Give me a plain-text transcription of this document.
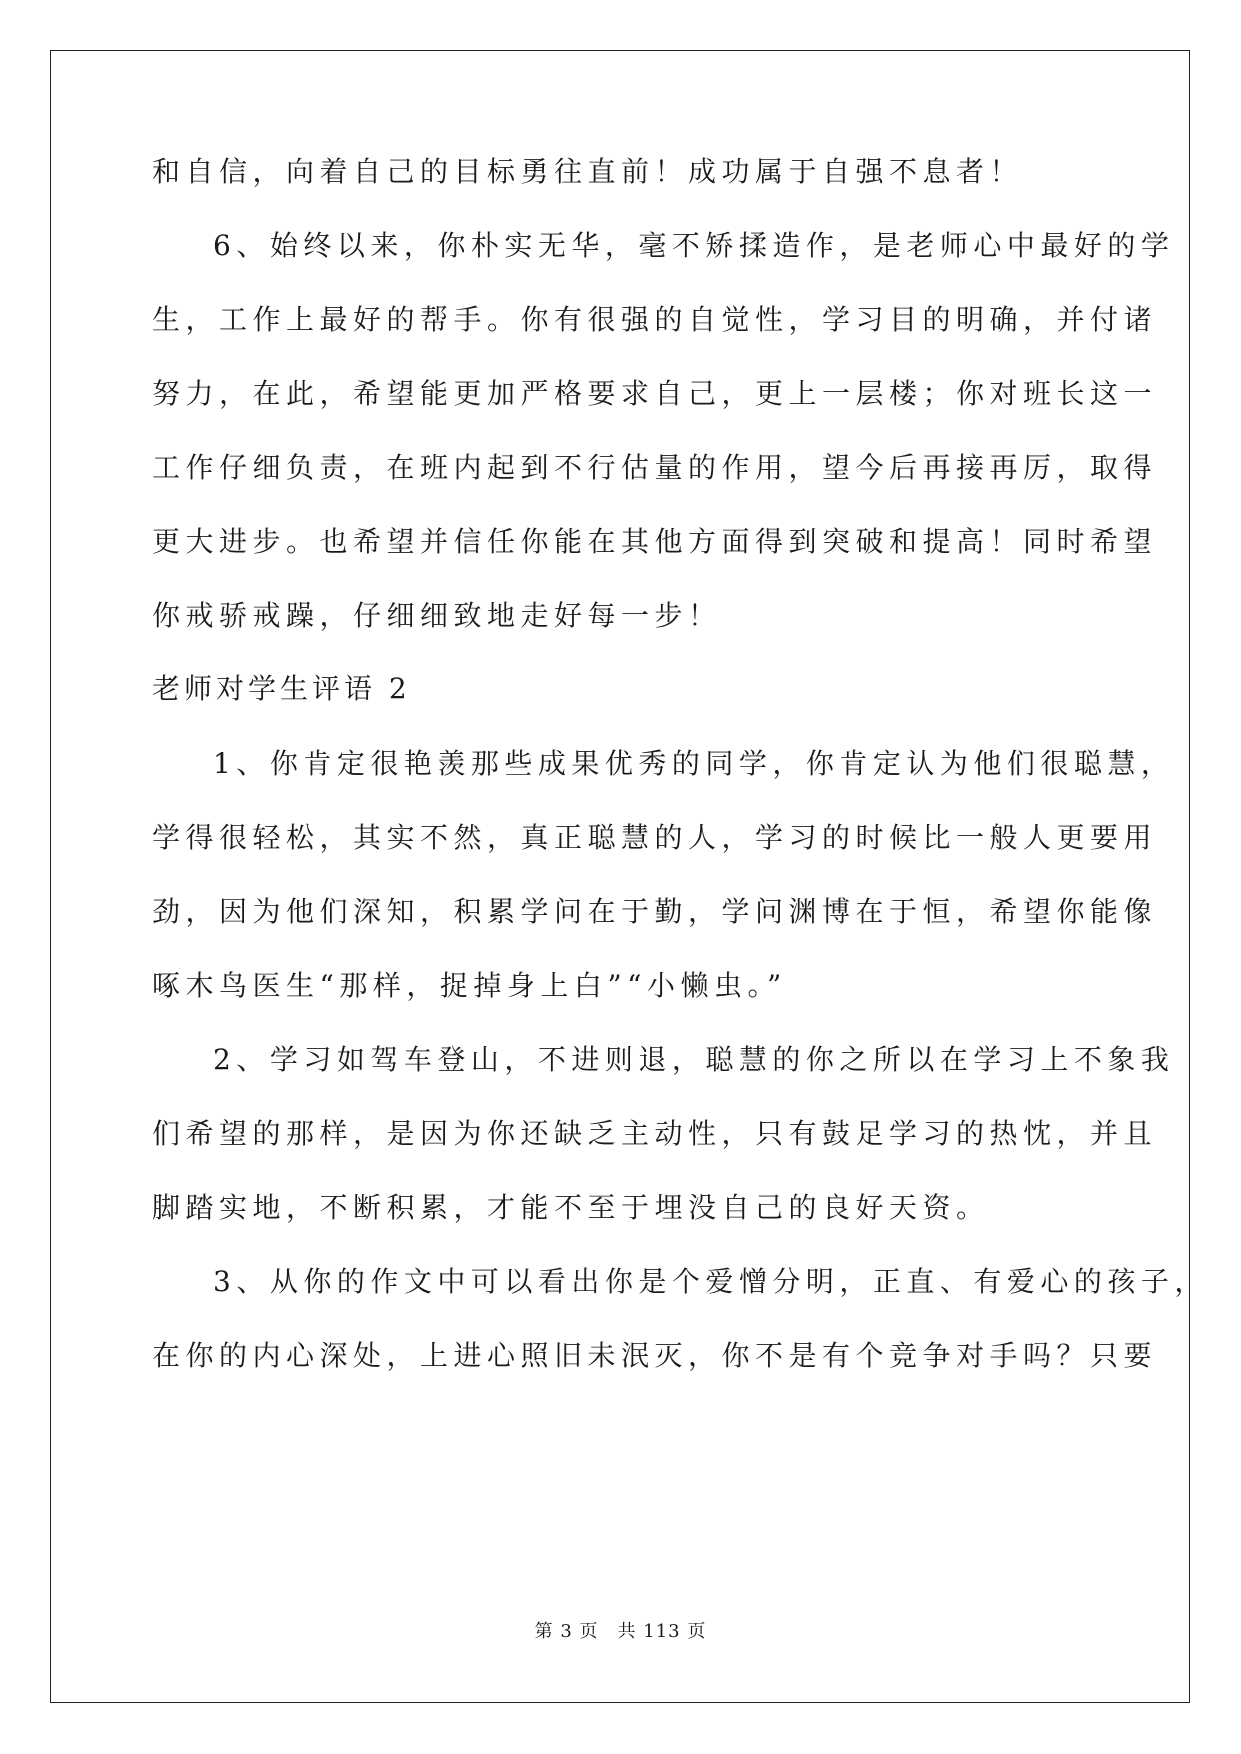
和自信，向着自己的目标勇往直前！成功属于自强不息者！
6、始终以来，你朴实无华，毫不矫揉造作，是老师心中最好的学
生，工作上最好的帮手。你有很强的自觉性，学习目的明确，并付诸
努力，在此，希望能更加严格要求自己，更上一层楼；你对班长这一
工作仔细负责，在班内起到不行估量的作用，望今后再接再厉，取得
更大进步。也希望并信任你能在其他方面得到突破和提高！同时希望
你戒骄戒躁，仔细细致地走好每一步！
老师对学生评语 2
1、你肯定很艳羡那些成果优秀的同学，你肯定认为他们很聪慧，
学得很轻松，其实不然，真正聪慧的人，学习的时候比一般人更要用
劲，因为他们深知，积累学问在于勤，学问渊博在于恒，希望你能像
啄木鸟医生“那样，捉掉身上白”“小懒虫。”
2、学习如驾车登山，不进则退，聪慧的你之所以在学习上不象我
们希望的那样，是因为你还缺乏主动性，只有鼓足学习的热忱，并且
脚踏实地，不断积累，才能不至于埋没自己的良好天资。
3、从你的作文中可以看出你是个爱憎分明，正直、有爱心的孩子，
在你的内心深处，上进心照旧未泯灭，你不是有个竞争对手吗？只要
第 3 页　共 113 页
